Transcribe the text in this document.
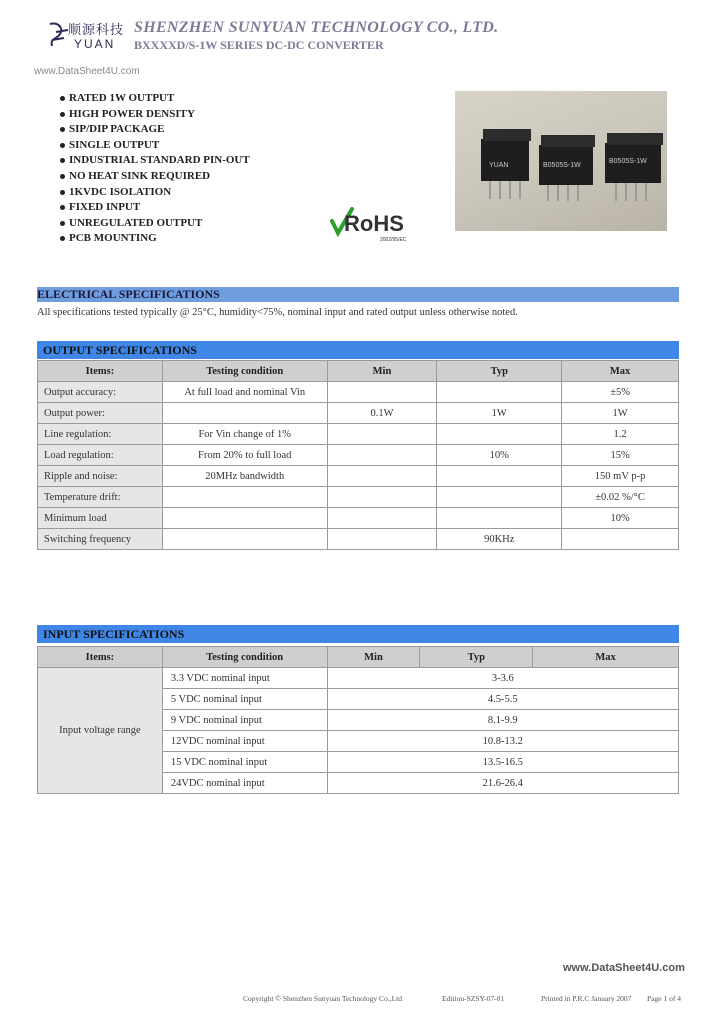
顺源科技
YUAN
SHENZHEN SUNYUAN TECHNOLOGY CO., LTD.
BXXXXD/S-1W SERIES DC-DC CONVERTER
www.DataSheet4U.com
RATED 1W OUTPUT
HIGH POWER DENSITY
SIP/DIP PACKAGE
SINGLE OUTPUT
INDUSTRIAL STANDARD PIN-OUT
NO HEAT SINK REQUIRED
1KVDC ISOLATION
FIXED INPUT
UNREGULATED OUTPUT
PCB MOUNTING
RoHS
2002/95/EC
YUAN	B0505S-1W
B0505S-1W
ELECTRICAL SPECIFICATIONS
All specifications tested typically @ 25°C, humidity<75%, nominal input and rated output unless otherwise noted.
OUTPUT SPECIFICATIONS
Items:	Testing condition	Min	Typ	Max
Output accuracy:	At full load and nominal Vin			±5%
Output power:		0.1W	1W	1W
Line regulation:	For Vin change of 1%			1.2
Load regulation:	From 20% to full load		10%	15%
Ripple and noise:	20MHz bandwidth			150 mV p-p
Temperature drift:				±0.02 %/°C
Minimum load				10%
Switching frequency			90KHz	
INPUT SPECIFICATIONS
Items:	Testing condition	Min	Typ	Max
Input voltage range	3.3 VDC nominal input	3-3.6		
	5 VDC nominal input	4.5-5.5		
	9 VDC nominal input	8.1-9.9		
	12VDC nominal input	10.8-13.2		
	15 VDC nominal input	13.5-16.5		
	24VDC nominal input	21.6-26.4		
www.DataSheet4U.com
Copyright © Shenzhen Sunyuan Technology Co.,Ltd	Edition-SZSY-07-01	Printed in P.R.C January 2007 Page 1 of 4
